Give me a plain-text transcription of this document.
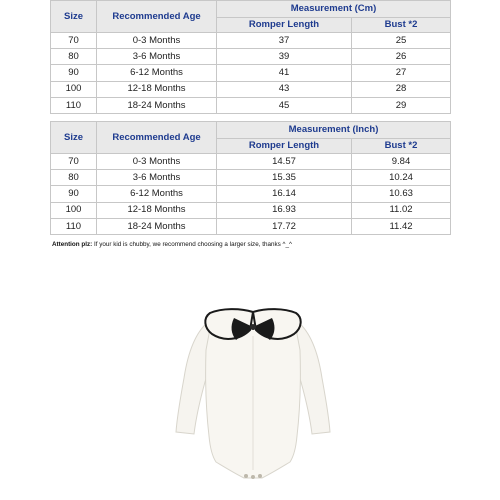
Size	Recommended Age	Measurement (Cm)	
		Romper Length	Bust *2
70	0-3 Months	37	25
80	3-6 Months	39	26
90	6-12 Months	41	27
100	12-18 Months	43	28
110	18-24 Months	45	29
Size	Recommended Age	Measurement (Inch)	
		Romper Length	Bust *2
70	0-3 Months	14.57	9.84
80	3-6 Months	15.35	10.24
90	6-12 Months	16.14	10.63
100	12-18 Months	16.93	11.02
110	18-24 Months	17.72	11.42
Attention plz: If your kid is chubby, we recommend choosing a larger size, thanks ^_^
